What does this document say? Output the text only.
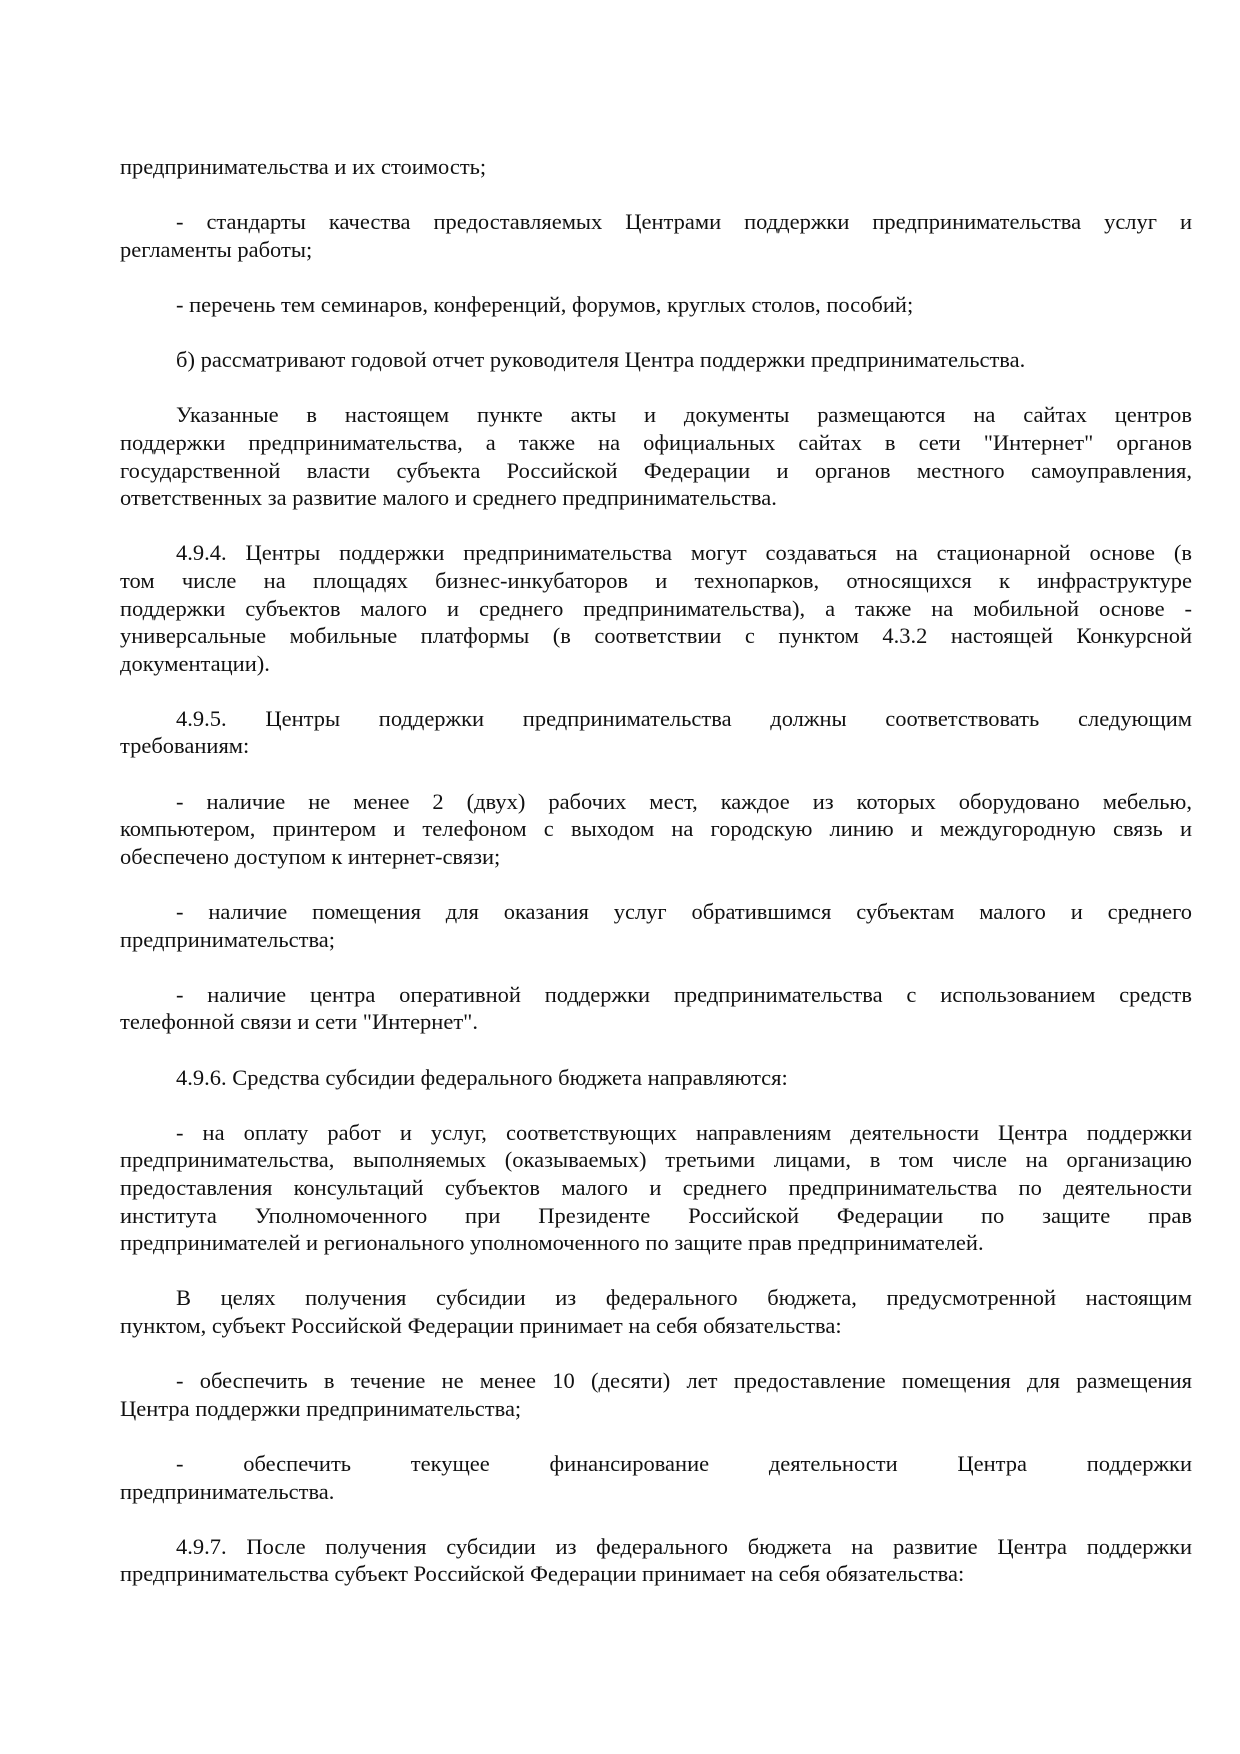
предпринимательства и их стоимость;
- стандарты качества предоставляемых Центрами поддержки предпринимательства услуг и
регламенты работы;
- перечень тем семинаров, конференций, форумов, круглых столов, пособий;
б) рассматривают годовой отчет руководителя Центра поддержки предпринимательства.
Указанные в настоящем пункте акты и документы размещаются на сайтах центров
поддержки предпринимательства, а также на официальных сайтах в сети "Интернет" органов
государственной власти субъекта Российской Федерации и органов местного самоуправления,
ответственных за развитие малого и среднего предпринимательства.
4.9.4. Центры поддержки предпринимательства могут создаваться на стационарной основе (в
том числе на площадях бизнес-инкубаторов и технопарков, относящихся к инфраструктуре
поддержки субъектов малого и среднего предпринимательства), а также на мобильной основе -
универсальные мобильные платформы (в соответствии с пунктом 4.3.2 настоящей Конкурсной
документации).
4.9.5. Центры поддержки предпринимательства должны соответствовать следующим
требованиям:
- наличие не менее 2 (двух) рабочих мест, каждое из которых оборудовано мебелью,
компьютером, принтером и телефоном с выходом на городскую линию и междугородную связь и
обеспечено доступом к интернет-связи;
- наличие помещения для оказания услуг обратившимся субъектам малого и среднего
предпринимательства;
- наличие центра оперативной поддержки предпринимательства с использованием средств
телефонной связи и сети "Интернет".
4.9.6. Средства субсидии федерального бюджета направляются:
- на оплату работ и услуг, соответствующих направлениям деятельности Центра поддержки
предпринимательства, выполняемых (оказываемых) третьими лицами, в том числе на организацию
предоставления консультаций субъектов малого и среднего предпринимательства по деятельности
института Уполномоченного при Президенте Российской Федерации по защите прав
предпринимателей и регионального уполномоченного по защите прав предпринимателей.
В целях получения субсидии из федерального бюджета, предусмотренной настоящим
пунктом, субъект Российской Федерации принимает на себя обязательства:
- обеспечить в течение не менее 10 (десяти) лет предоставление помещения для размещения
Центра поддержки предпринимательства;
- обеспечить текущее финансирование деятельности Центра поддержки
предпринимательства.
4.9.7. После получения субсидии из федерального бюджета на развитие Центра поддержки
предпринимательства субъект Российской Федерации принимает на себя обязательства:
